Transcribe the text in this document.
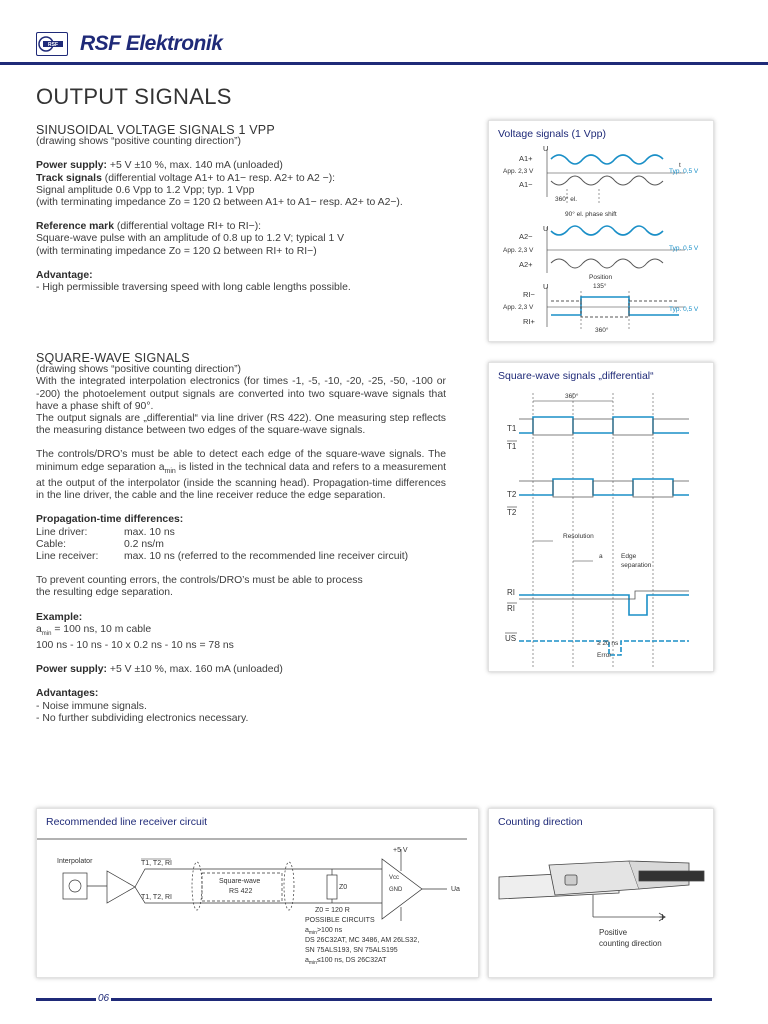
RSF RSF Elektronik
OUTPUT SIGNALS
SINUSOIDAL VOLTAGE SIGNALS 1 VPP
(drawing shows “positive counting direction”)
Power supply: +5 V ±10 %, max. 140 mA (unloaded)
Track signals (differential voltage A1+ to A1− resp. A2+ to A2 −):
Signal amplitude 0.6 Vpp to 1.2 Vpp; typ. 1 Vpp
(with terminating impedance Zo = 120 Ω between A1+ to A1− resp. A2+ to A2−).
Reference mark (differential voltage RI+ to RI−):
Square-wave pulse with an amplitude of 0.8 up to 1.2 V; typical 1 V
(with terminating impedance Zo = 120 Ω between RI+ to RI−)
Advantage:
- High permissible traversing speed with long cable lengths possible.
SQUARE-WAVE SIGNALS
(drawing shows “positive counting direction”)
With the integrated interpolation electronics (for times -1, -5, -10, -20, -25, -50, -100 or -200) the photoelement output signals are converted into two square-wave signals that have a phase shift of 90°.
The output signals are „differential“ via line driver (RS 422). One measuring step reflects the measuring distance between two edges of the square-wave signals.
The controls/DRO’s must be able to detect each edge of the square-wave signals. The minimum edge separation $a_{min}$ is listed in the technical data and refers to a measurement at the output of the interpolator (inside the scanning head). Propagation-time differences in the line driver, the cable and the line receiver reduce the edge separation.
Propagation-time differences:
Line driver:	max. 10 ns
Cable:	0.2 ns/m
Line receiver:	max. 10 ns (referred to the recommended line receiver circuit)
To prevent counting errors, the controls/DRO’s must be able to process
the resulting edge separation.
Example:
$a_{min} = 100$ ns, 10 m cable
100 ns - 10 ns - 10 x 0.2 ns - 10 ns = 78 ns
Power supply: +5 V ±10 %, max. 160 mA (unloaded)
Advantages:
- Noise immune signals.
- No further subdividing electronics necessary.
Voltage signals (1 Vpp)
U
A1+
App. 2,3 V
A1−
360° el.
90° el. phase shift
U
A2−
App. 2,3 V
A2+
Position
135°
U
RI−
App. 2,3 V
RI+
360°
Typ. 0,5 V
Typ. 0,5 V
Typ. 0,5 V
t
Square-wave signals „differential“
360°
T1
T1
T2
T2
Resolution
a	Edge
separation
RI
RI
US
≥ 20 ns
Error
Recommended line receiver circuit
Interpolator	T1, T2, RI
T1, T2, RI
Square-wave
RS 422
Z0
Z0 = 120 R
+5 V
Vcc
GND	Ua
POSSIBLE CIRCUITS
$a_{min}>100$ ns
DS 26C32AT, MC 3486, AM 26LS32,
SN 75ALS193, SN 75ALS195
$a_{min}\le 100$ ns, DS 26C32AT
Counting direction
+
Positive
counting direction
06
